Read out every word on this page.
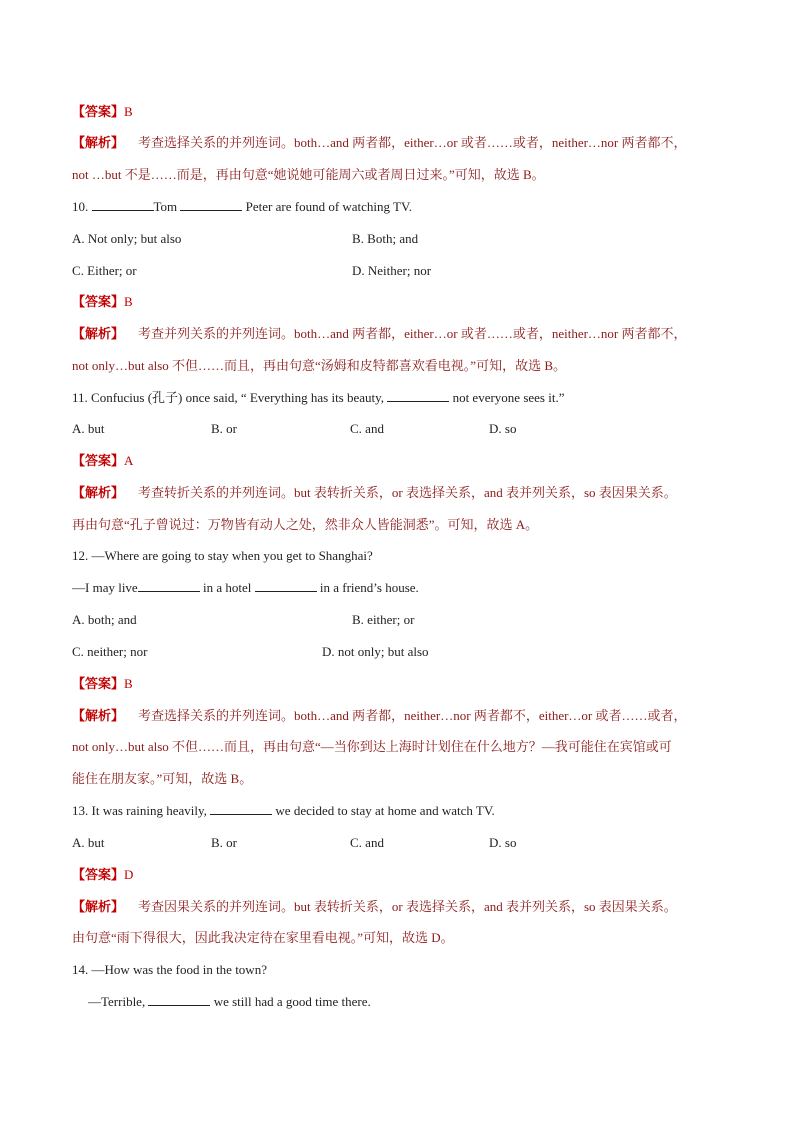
【答案】B
【解析】 考查选择关系的并列连词。both…and 两者都，either…or 或者……或者，neither…nor 两者都不，
not …but 不是……而是，再由句意“她说她可能周六或者周日过来。”可知，故选 B。
10.	Tom	Peter are found of watching TV.
A. Not only; but also	B. Both; and
C. Either; or	D. Neither; nor
【答案】B
【解析】 考查并列关系的并列连词。both…and 两者都，either…or 或者……或者，neither…nor 两者都不，
not only…but also 不但……而且，再由句意“汤姆和皮特都喜欢看电视。”可知，故选 B。
11. Confucius (孔子) once said, “ Everything has its beauty,	not everyone sees it.”
A. but	B. or	C. and	D. so
【答案】A
【解析】 考查转折关系的并列连词。but 表转折关系，or 表选择关系，and 表并列关系，so 表因果关系。
再由句意“孔子曾说过：万物皆有动人之处，然非众人皆能洞悉”。可知，故选 A。
12. —Where are going to stay when you get to Shanghai?
—I may live	in a hotel	in a friend’s house.
A. both; and	B. either; or
C. neither; nor	D. not only; but also
【答案】B
【解析】 考查选择关系的并列连词。both…and 两者都，neither…nor 两者都不，either…or 或者……或者，
not only…but also 不但……而且，再由句意“—当你到达上海时计划住在什么地方？—我可能住在宾馆或可
能住在朋友家。”可知，故选 B。
13. It was raining heavily,	we decided to stay at home and watch TV.
A. but	B. or	C. and	D. so
【答案】D
【解析】 考查因果关系的并列连词。but 表转折关系，or 表选择关系，and 表并列关系，so 表因果关系。
由句意“雨下得很大，因此我决定待在家里看电视。”可知，故选 D。
14. —How was the food in the town?
—Terrible,	we still had a good time there.
